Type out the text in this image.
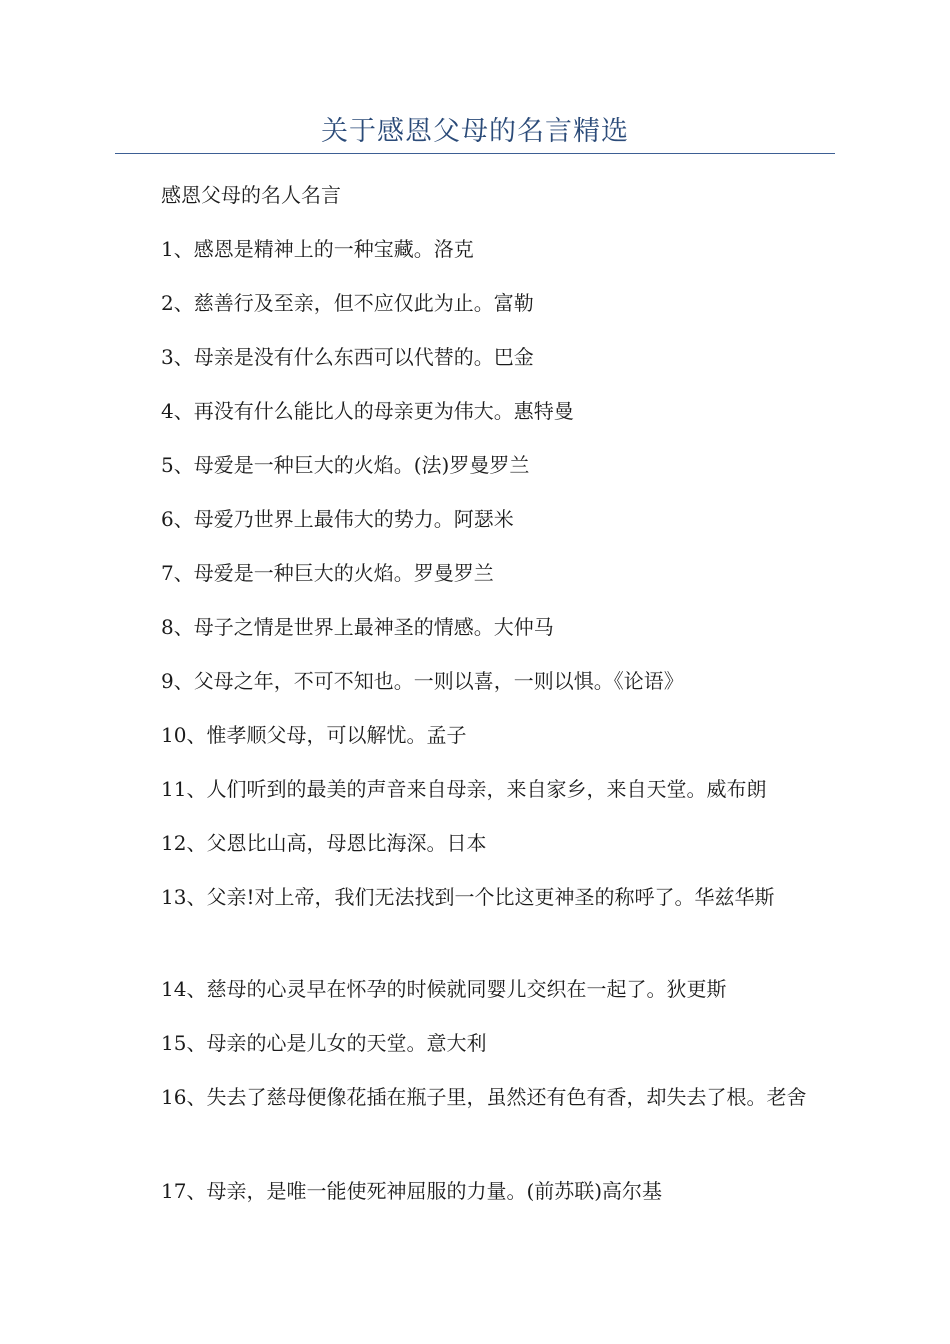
关于感恩父母的名言精选

感恩父母的名人名言

1、感恩是精神上的一种宝藏。洛克

2、慈善行及至亲，但不应仅此为止。富勒

3、母亲是没有什么东西可以代替的。巴金

4、再没有什么能比人的母亲更为伟大。惠特曼

5、母爱是一种巨大的火焰。(法)罗曼罗兰

6、母爱乃世界上最伟大的势力。阿瑟米

7、母爱是一种巨大的火焰。罗曼罗兰

8、母子之情是世界上最神圣的情感。大仲马

9、父母之年，不可不知也。一则以喜，一则以惧。《论语》

10、惟孝顺父母，可以解忧。孟子

11、人们听到的最美的声音来自母亲，来自家乡，来自天堂。威布朗

12、父恩比山高，母恩比海深。日本

13、父亲!对上帝，我们无法找到一个比这更神圣的称呼了。华兹华斯

14、慈母的心灵早在怀孕的时候就同婴儿交织在一起了。狄更斯

15、母亲的心是儿女的天堂。意大利

16、失去了慈母便像花插在瓶子里，虽然还有色有香，却失去了根。老舍

17、母亲，是唯一能使死神屈服的力量。(前苏联)高尔基
